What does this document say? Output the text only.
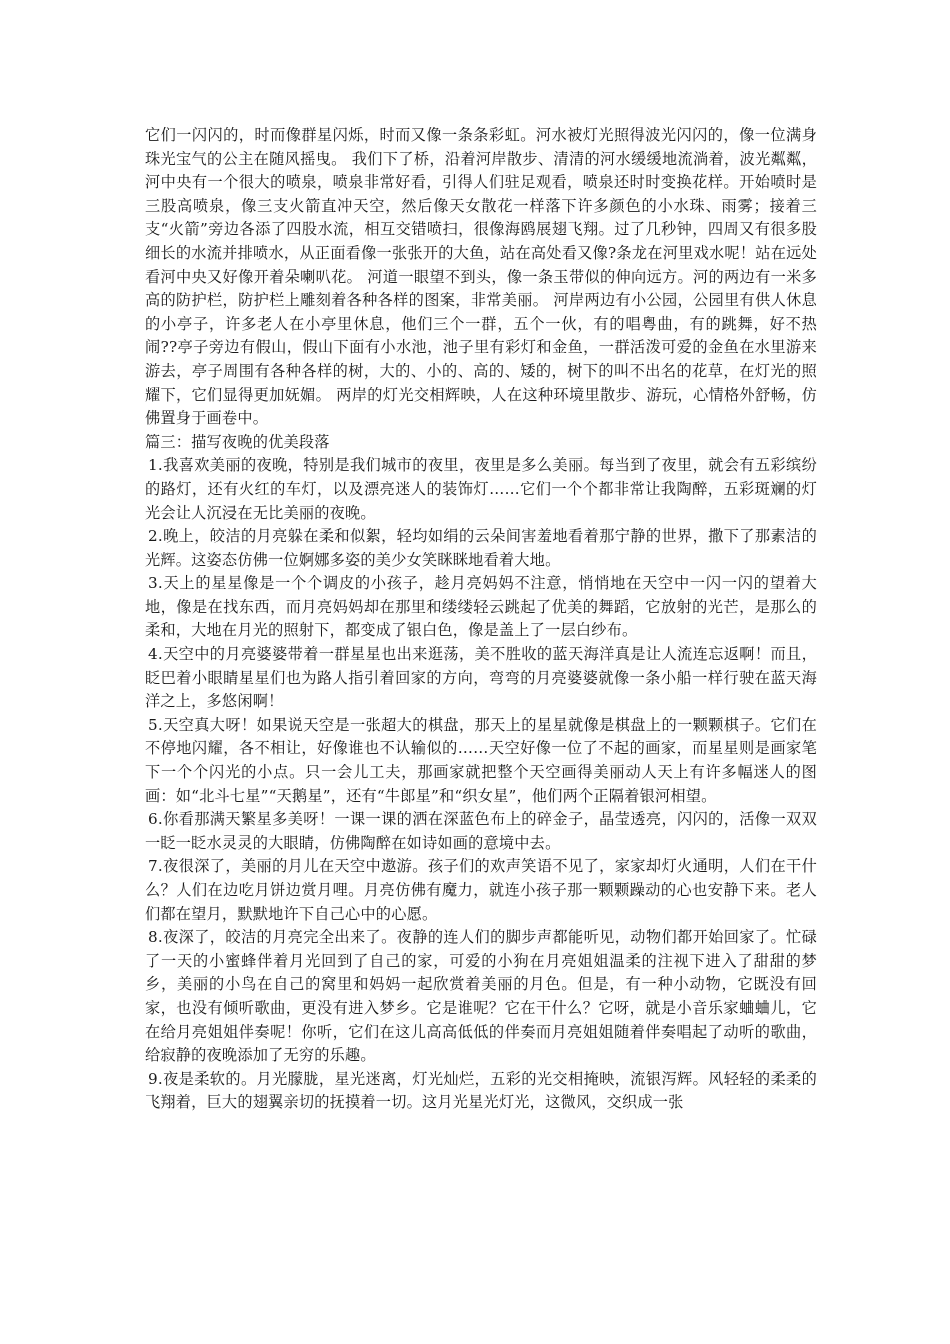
它们一闪闪的，时而像群星闪烁，时而又像一条条彩虹。河水被灯光照得波光闪闪的，像一位满身珠光宝气的公主在随风摇曳。 我们下了桥，沿着河岸散步、清清的河水缓缓地流淌着，波光粼粼，河中央有一个很大的喷泉，喷泉非常好看，引得人们驻足观看，喷泉还时时变换花样。开始喷时是三股高喷泉，像三支火箭直冲天空，然后像天女散花一样落下许多颜色的小水珠、雨雾；接着三支“火箭”旁边各添了四股水流，相互交错喷扫，很像海鸥展翅飞翔。过了几秒钟，四周又有很多股细长的水流并排喷水，从正面看像一张张开的大鱼，站在高处看又像?条龙在河里戏水呢！站在远处看河中央又好像开着朵喇叭花。 河道一眼望不到头，像一条玉带似的伸向远方。河的两边有一米多高的防护栏，防护栏上雕刻着各种各样的图案，非常美丽。 河岸两边有小公园，公园里有供人休息的小亭子，许多老人在小亭里休息，他们三个一群，五个一伙，有的唱粤曲，有的跳舞，好不热闹??亭子旁边有假山，假山下面有小水池，池子里有彩灯和金鱼，一群活泼可爱的金鱼在水里游来游去，亭子周围有各种各样的树，大的、小的、高的、矮的，树下的叫不出名的花草，在灯光的照耀下，它们显得更加妩媚。 两岸的灯光交相辉映，人在这种环境里散步、游玩，心情格外舒畅，仿佛置身于画卷中。

篇三：描写夜晚的优美段落

1.我喜欢美丽的夜晚，特别是我们城市的夜里，夜里是多么美丽。每当到了夜里，就会有五彩缤纷的路灯，还有火红的车灯，以及漂亮迷人的装饰灯……它们一个个都非常让我陶醉，五彩斑斓的灯光会让人沉浸在无比美丽的夜晚。

2.晚上，皎洁的月亮躲在柔和似絮，轻均如绢的云朵间害羞地看着那宁静的世界，撒下了那素洁的光辉。这姿态仿佛一位婀娜多姿的美少女笑眯眯地看着大地。

3.天上的星星像是一个个调皮的小孩子，趁月亮妈妈不注意，悄悄地在天空中一闪一闪的望着大地，像是在找东西，而月亮妈妈却在那里和缕缕轻云跳起了优美的舞蹈，它放射的光芒，是那么的柔和，大地在月光的照射下，都变成了银白色，像是盖上了一层白纱布。

4.天空中的月亮婆婆带着一群星星也出来逛荡，美不胜收的蓝天海洋真是让人流连忘返啊！而且，眨巴着小眼睛星星们也为路人指引着回家的方向，弯弯的月亮婆婆就像一条小船一样行驶在蓝天海洋之上，多悠闲啊！

5.天空真大呀！如果说天空是一张超大的棋盘，那天上的星星就像是棋盘上的一颗颗棋子。它们在不停地闪耀，各不相让，好像谁也不认输似的……天空好像一位了不起的画家，而星星则是画家笔下一个个闪光的小点。只一会儿工夫，那画家就把整个天空画得美丽动人天上有许多幅迷人的图画：如“北斗七星”“天鹅星”，还有“牛郎星”和“织女星”，他们两个正隔着银河相望。

6.你看那满天繁星多美呀！一课一课的洒在深蓝色布上的碎金子，晶莹透亮，闪闪的，活像一双双一眨一眨水灵灵的大眼睛，仿佛陶醉在如诗如画的意境中去。

7.夜很深了，美丽的月儿在天空中遨游。孩子们的欢声笑语不见了，家家却灯火通明，人们在干什么？人们在边吃月饼边赏月哩。月亮仿佛有魔力，就连小孩子那一颗颗躁动的心也安静下来。老人们都在望月，默默地许下自己心中的心愿。

8.夜深了，皎洁的月亮完全出来了。夜静的连人们的脚步声都能听见，动物们都开始回家了。忙碌了一天的小蜜蜂伴着月光回到了自己的家，可爱的小狗在月亮姐姐温柔的注视下进入了甜甜的梦乡，美丽的小鸟在自己的窝里和妈妈一起欣赏着美丽的月色。但是，有一种小动物，它既没有回家，也没有倾听歌曲，更没有进入梦乡。它是谁呢？它在干什么？它呀，就是小音乐家蛐蛐儿，它在给月亮姐姐伴奏呢！你听，它们在这儿高高低低的伴奏而月亮姐姐随着伴奏唱起了动听的歌曲，给寂静的夜晚添加了无穷的乐趣。

9.夜是柔软的。月光朦胧，星光迷离，灯光灿烂，五彩的光交相掩映，流银泻辉。风轻轻的柔柔的飞翔着，巨大的翅翼亲切的抚摸着一切。这月光星光灯光，这微风，交织成一张
